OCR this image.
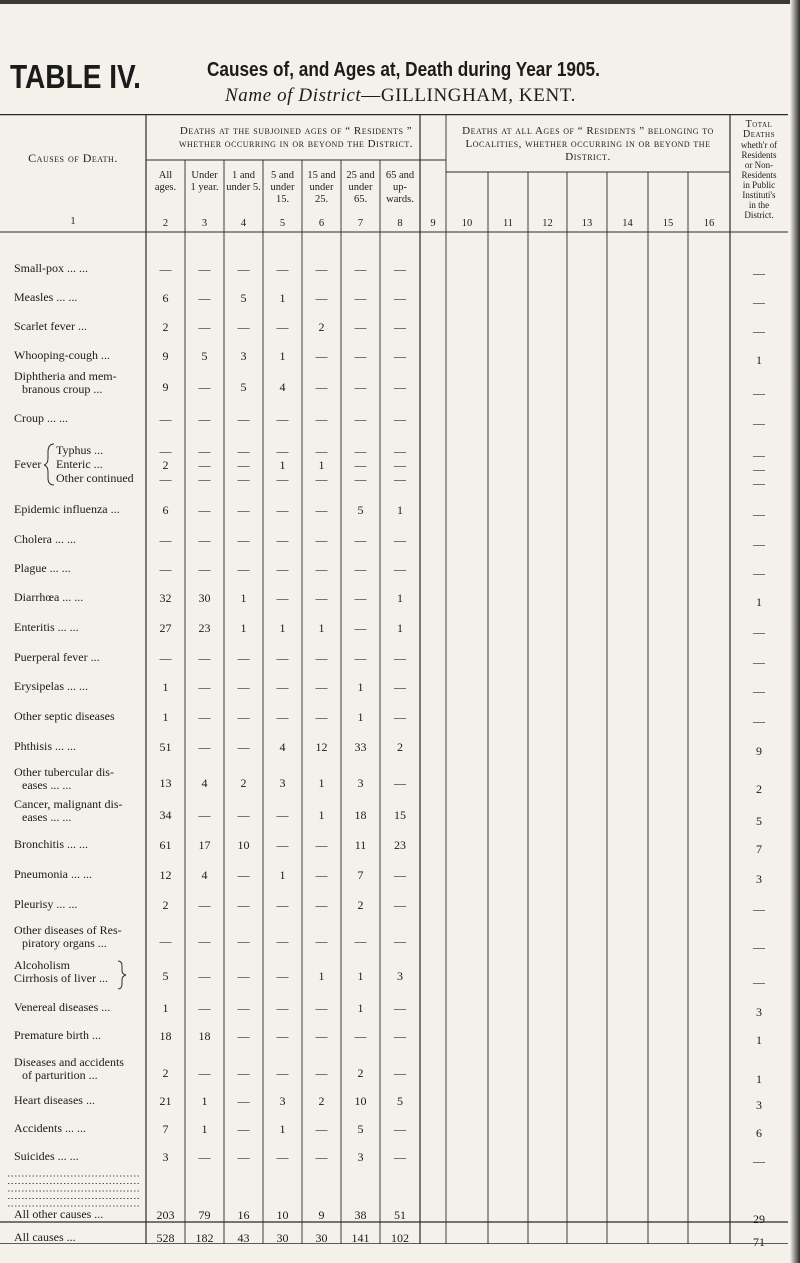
TABLE IV.	Causes of, and Ages at, Death during Year 1905.
Name of District—GILLINGHAM, KENT.
Causes of Death.
Deaths at the subjoined ages of “ Residents ”
whether occurring in or beyond the District.
Deaths at all Ages of “ Residents ” belonging to
Localities, whether occurring in or beyond the
District.
Total
Deaths
wheth'r of
Residents
or Non-
Residents
in Public
Instituti's
in the
District.
All
ages.
Under
1 year.
1 and
under 5.
5 and
under
15.
15 and
under
25.
25 and
under
65.
65 and
up-
wards.
1	2	3	4	5	6	7	8	9	10	11	12	13	14	15	16
Small-pox ... ...	—	—	—	—	—	—	—	—
Measles ... ...	6	—	5	1	—	—	—	—
Scarlet fever ...	2	—	—	—	2	—	—	—
Whooping-cough ...	9	5	3	1	—	—	—	1
Diphtheria and mem-
branous croup ...	9	—	5	4	—	—	—	—
Croup ... ...	—	—	—	—	—	—	—	—
Typhus ...	—	—	—	—	—	—	—	—
Enteric ...	2	—	—	1	1	—	—	—
Other continued	—	—	—	—	—	—	—	—
Epidemic influenza ...	6	—	—	—	—	5	1	—
Cholera ... ...	—	—	—	—	—	—	—	—
Plague ... ...	—	—	—	—	—	—	—	—
Diarrhœa ... ...	32	30	1	—	—	—	1	1
Enteritis ... ...	27	23	1	1	1	—	1	—
Puerperal fever ...	—	—	—	—	—	—	—	—
Erysipelas ... ...	1	—	—	—	—	1	—	—
Other septic diseases	1	—	—	—	—	1	—	—
Phthisis ... ...	51	—	—	4	12	33	2	9
Other tubercular dis-
eases ... ...	13	4	2	3	1	3	—	2
Cancer, malignant dis-
eases ... ...	34	—	—	—	1	18	15	5
Bronchitis ... ...	61	17	10	—	—	11	23	7
Pneumonia ... ...	12	4	—	1	—	7	—	3
Pleurisy ... ...	2	—	—	—	—	2	—	—
Other diseases of Res-
piratory organs ...	—	—	—	—	—	—	—	—
Alcoholism
Cirrhosis of liver ...	5	—	—	—	1	1	3	—
Venereal diseases ...	1	—	—	—	—	1	—	3
Premature birth ...	18	18	—	—	—	—	—	1
Diseases and accidents
of parturition ...	2	—	—	—	—	2	—	1
Heart diseases ...	21	1	—	3	2	10	5	3
Accidents ... ...	7	1	—	1	—	5	—	6
Suicides ... ...	3	—	—	—	—	3	—	—
All other causes ...	203	79	16	10	9	38	51	29
All causes ...	528	182	43	30	30	141	102	71
Fever
